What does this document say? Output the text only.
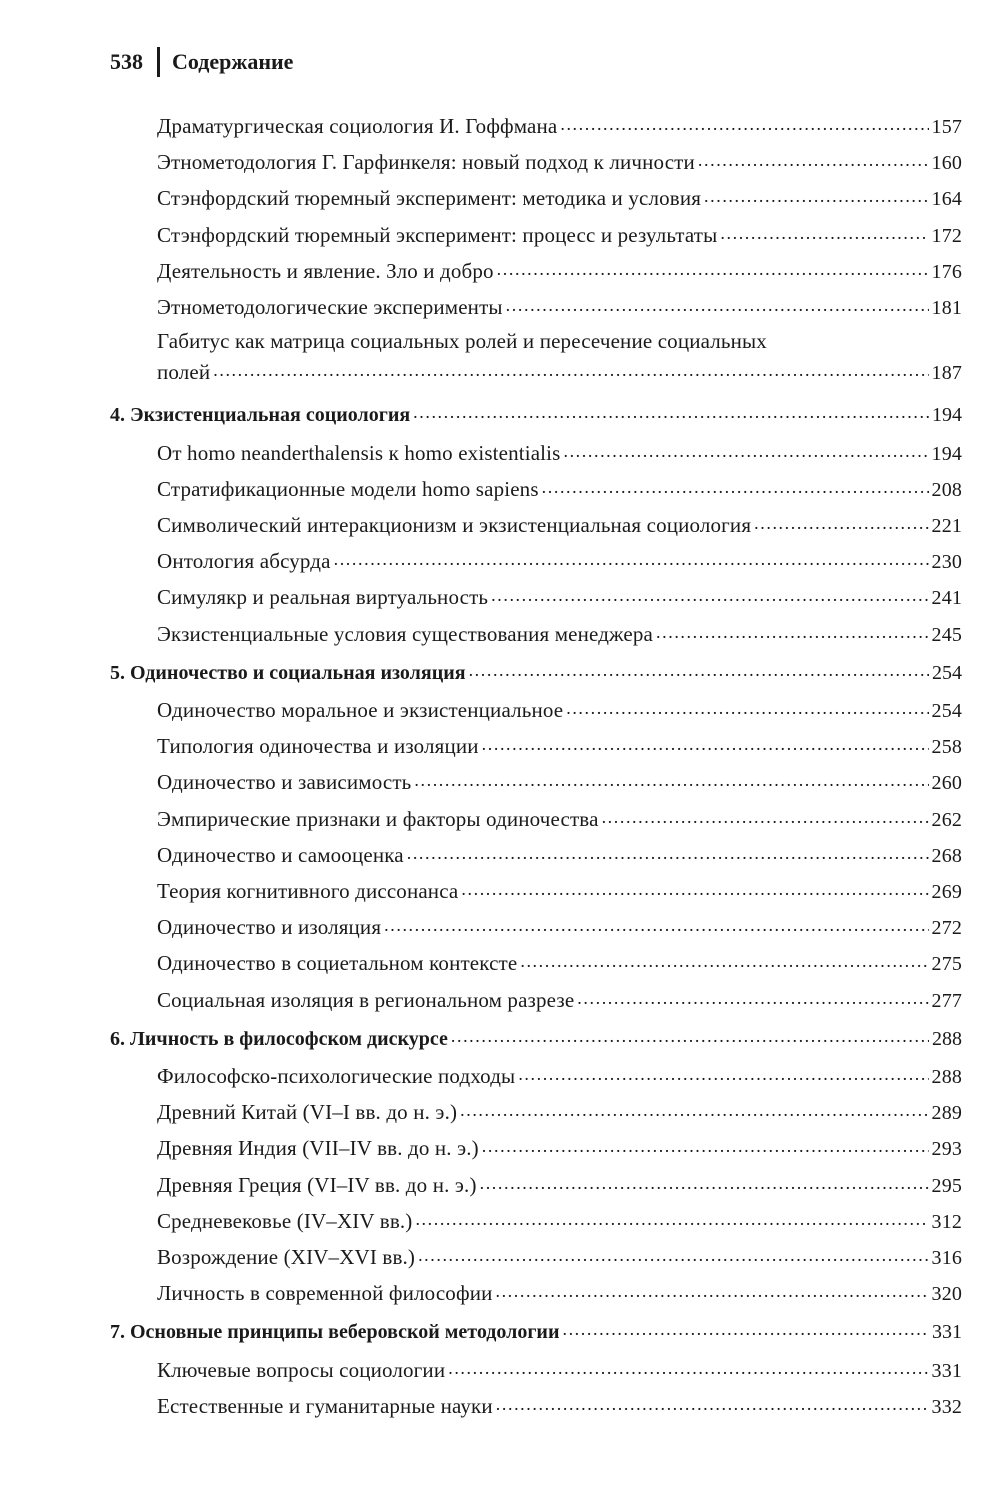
538 Содержание
Драматургическая социология И. Гоффмана .....	157
Этнометодология Г. Гарфинкеля: новый подход к личности .....	160
Стэнфордский тюремный эксперимент: методика и условия .....	164
Стэнфордский тюремный эксперимент: процесс и результаты .....	172
Деятельность и явление. Зло и добро .....	176
Этнометодологические эксперименты .....	181
Габитус как матрица социальных ролей и пересечение социальных
полей .....	187
4. Экзистенциальная социология .....	194
От homo neanderthalensis к homo existentialis .....	194
Стратификационные модели homo sapiens .....	208
Символический интеракционизм и экзистенциальная социология .....	221
Онтология абсурда .....	230
Симулякр и реальная виртуальность .....	241
Экзистенциальные условия существования менеджера .....	245
5. Одиночество и социальная изоляция .....	254
Одиночество моральное и экзистенциальное .....	254
Типология одиночества и изоляции .....	258
Одиночество и зависимость .....	260
Эмпирические признаки и факторы одиночества .....	262
Одиночество и самооценка .....	268
Теория когнитивного диссонанса .....	269
Одиночество и изоляция .....	272
Одиночество в социетальном контексте .....	275
Социальная изоляция в региональном разрезе .....	277
6. Личность в философском дискурсе .....	288
Философско-психологические подходы .....	288
Древний Китай (VI–I вв. до н. э.) .....	289
Древняя Индия (VII–IV вв. до н. э.) .....	293
Древняя Греция (VI–IV вв. до н. э.) .....	295
Средневековье (IV–XIV вв.) .....	312
Возрождение (XIV–XVI вв.) .....	316
Личность в современной философии .....	320
7. Основные принципы веберовской методологии .....	331
Ключевые вопросы социологии .....	331
Естественные и гуманитарные науки .....	332
